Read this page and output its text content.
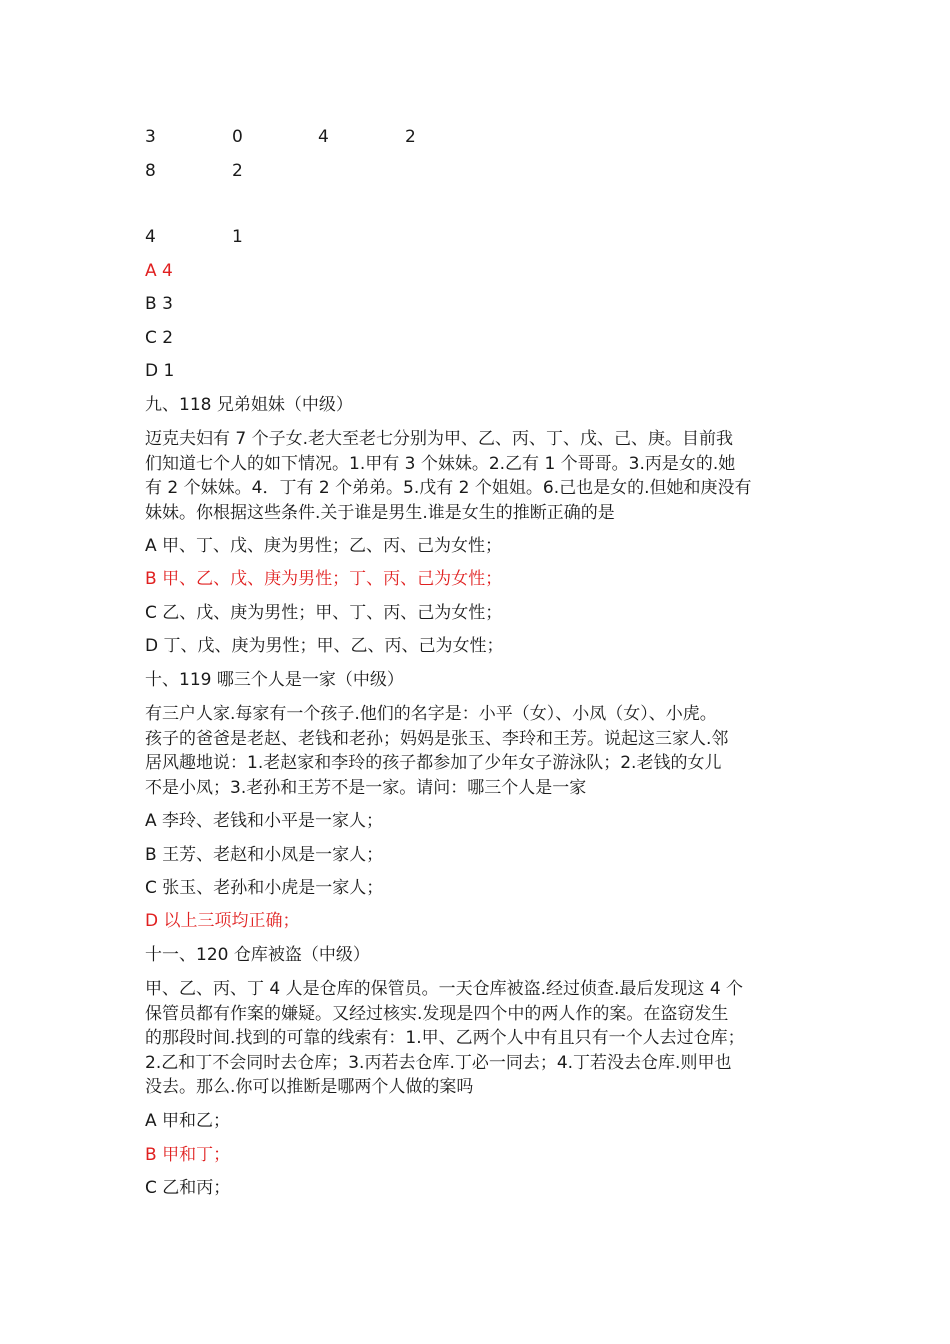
3	0	4	2
8	2
4	1
A 4
B 3
C 2
D 1
九、118 兄弟姐妹（中级）
迈克夫妇有 7 个子女.老大至老七分别为甲、乙、丙、丁、戊、己、庚。目前我
们知道七个人的如下情况。1.甲有 3 个妹妹。2.乙有 1 个哥哥。3.丙是女的.她
有 2 个妹妹。4．丁有 2 个弟弟。5.戊有 2 个姐姐。6.己也是女的.但她和庚没有
妹妹。你根据这些条件.关于谁是男生.谁是女生的推断正确的是
A 甲、丁、戊、庚为男性；乙、丙、己为女性；
B 甲、乙、戊、庚为男性；丁、丙、己为女性；
C 乙、戊、庚为男性；甲、丁、丙、己为女性；
D 丁、戊、庚为男性；甲、乙、丙、己为女性；
十、119 哪三个人是一家（中级）
有三户人家.每家有一个孩子.他们的名字是：小平（女）、小凤（女）、小虎。
孩子的爸爸是老赵、老钱和老孙；妈妈是张玉、李玲和王芳。说起这三家人.邻
居风趣地说：1.老赵家和李玲的孩子都参加了少年女子游泳队；2.老钱的女儿
不是小凤；3.老孙和王芳不是一家。请问：哪三个人是一家
A 李玲、老钱和小平是一家人；
B 王芳、老赵和小凤是一家人；
C 张玉、老孙和小虎是一家人；
D 以上三项均正确；
十一、120 仓库被盗（中级）
甲、乙、丙、丁 4 人是仓库的保管员。一天仓库被盗.经过侦查.最后发现这 4 个
保管员都有作案的嫌疑。又经过核实.发现是四个中的两人作的案。在盗窃发生
的那段时间.找到的可靠的线索有：1.甲、乙两个人中有且只有一个人去过仓库；
2.乙和丁不会同时去仓库；3.丙若去仓库.丁必一同去；4.丁若没去仓库.则甲也
没去。那么.你可以推断是哪两个人做的案吗
A 甲和乙；
B 甲和丁；
C 乙和丙；
